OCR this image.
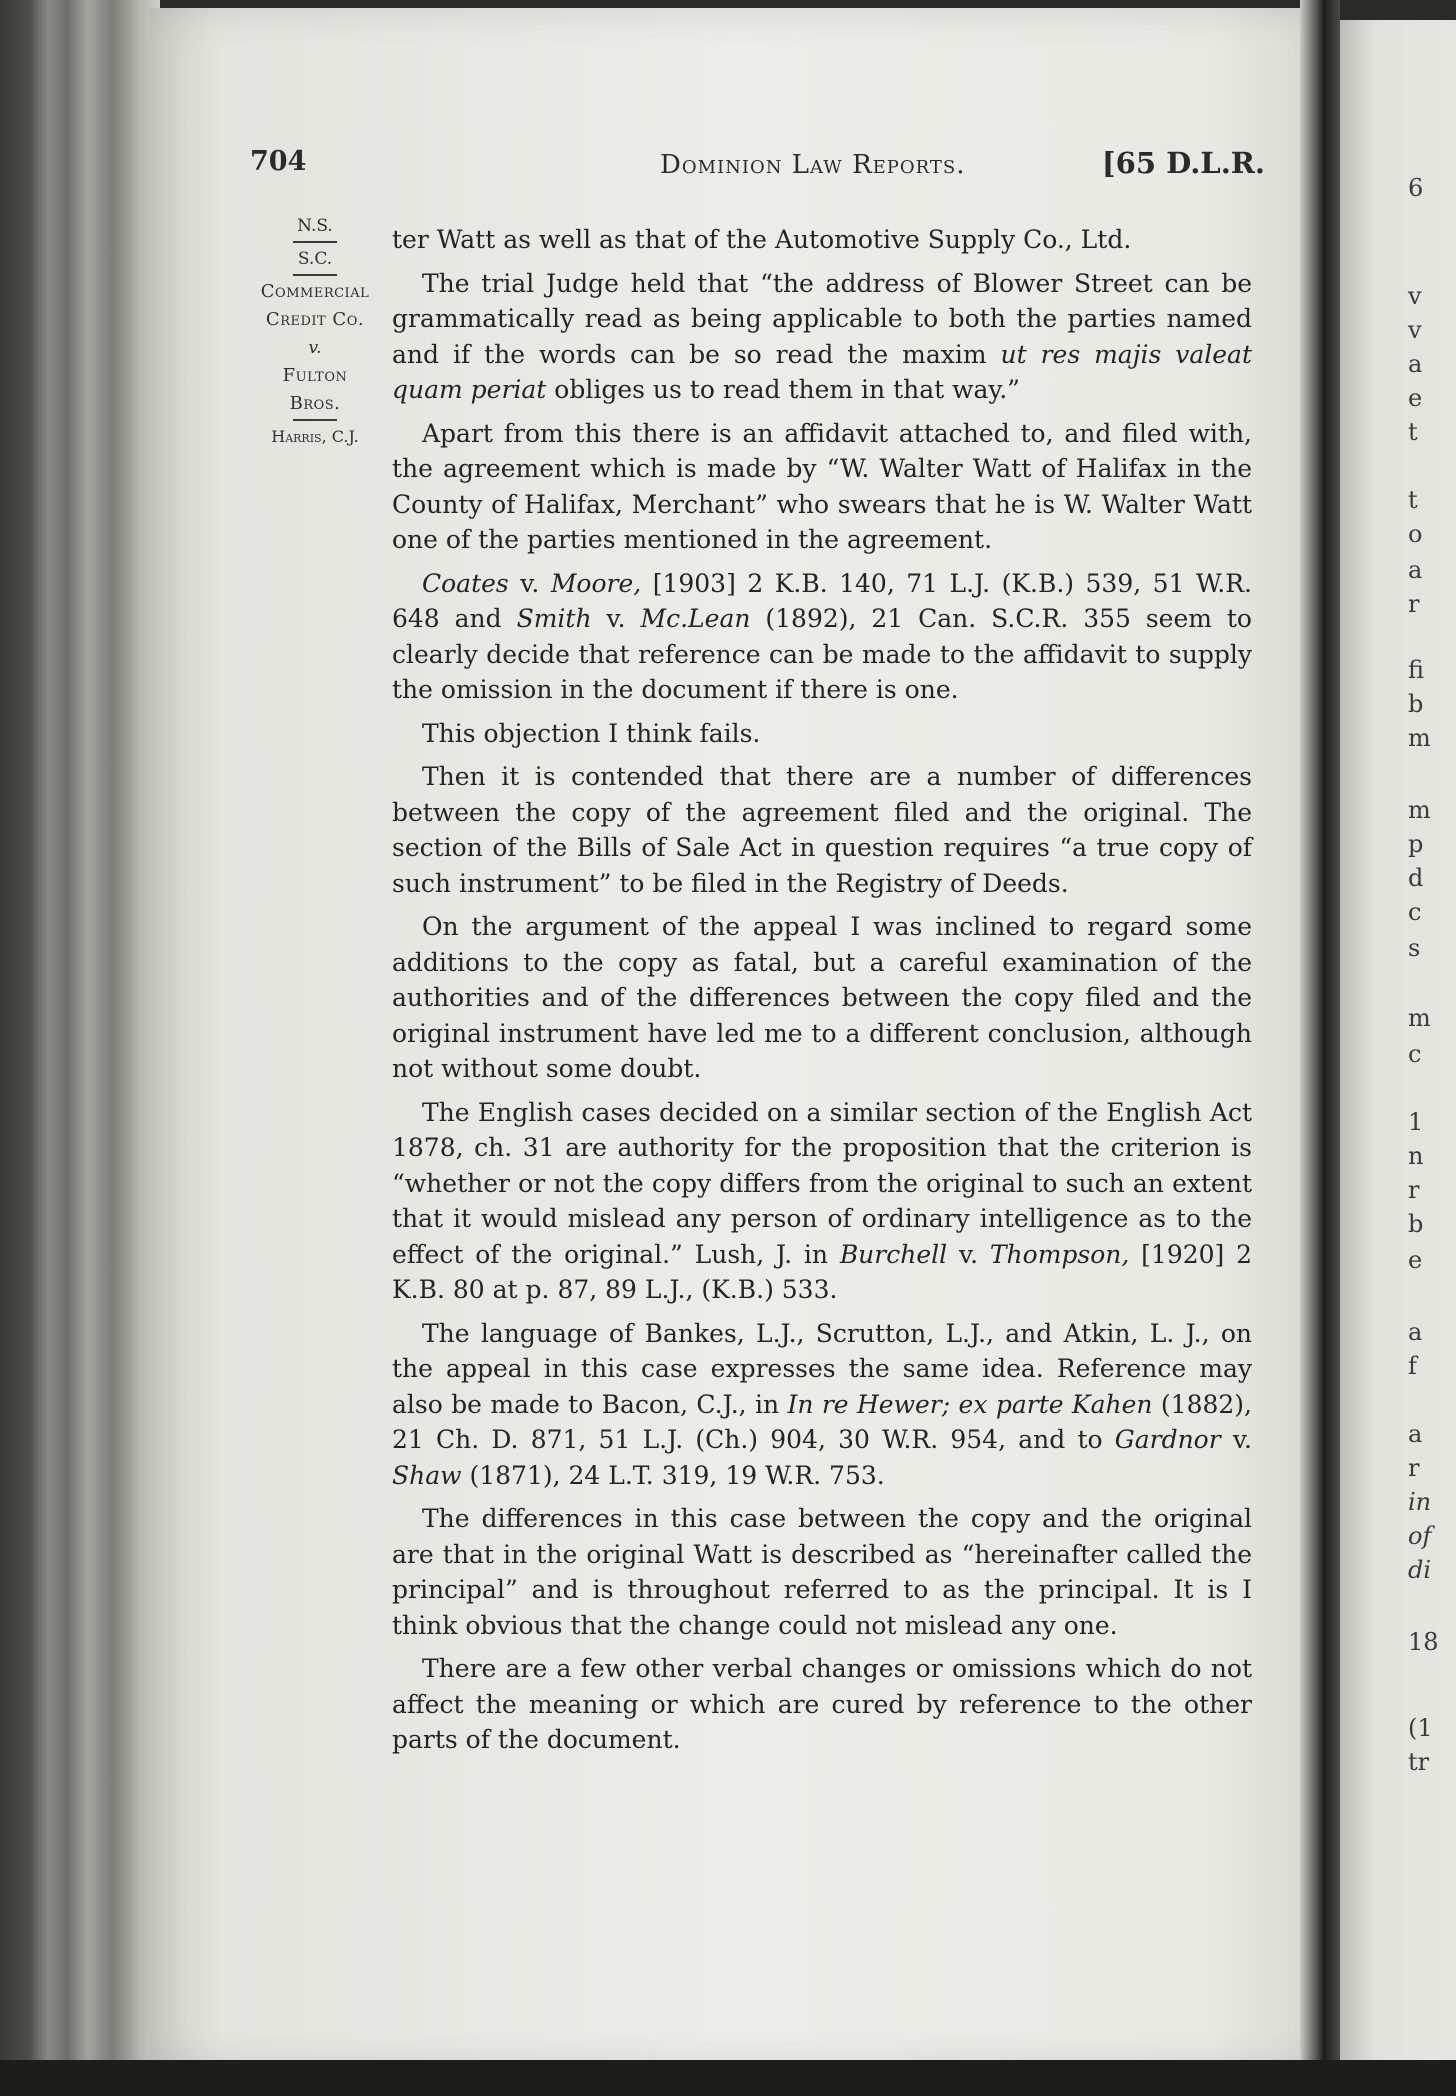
6
v
v
a
e
t
t
o
a
r
fi
b
m
m
p
d
c
s
m
c
1
n
r
b
e
a
f
a
r
in
of
di
18
(1
tr
704	Dominion Law Reports.	[65 D.L.R.
N.S.
S.C.
Commercial
Credit Co.
v.
Fulton
Bros.
Harris, C.J.

ter Watt as well as that of the Automotive Supply Co., Ltd.

The trial Judge held that “the address of Blower Street can be grammatically read as being applicable to both the parties named and if the words can be so read the maxim ut res majis valeat quam periat obliges us to read them in that way.”

Apart from this there is an affidavit attached to, and filed with, the agreement which is made by “W. Walter Watt of Halifax in the County of Halifax, Merchant” who swears that he is W. Walter Watt one of the parties mentioned in the agreement.

Coates v. Moore, [1903] 2 K.B. 140, 71 L.J. (K.B.) 539, 51 W.R. 648 and Smith v. Mc.Lean (1892), 21 Can. S.C.R. 355 seem to clearly decide that reference can be made to the affidavit to supply the omission in the document if there is one.

This objection I think fails.

Then it is contended that there are a number of differences between the copy of the agreement filed and the original. The section of the Bills of Sale Act in question requires “a true copy of such instrument” to be filed in the Registry of Deeds.

On the argument of the appeal I was inclined to regard some additions to the copy as fatal, but a careful examination of the authorities and of the differences between the copy filed and the original instrument have led me to a different conclusion, although not without some doubt.

The English cases decided on a similar section of the English Act 1878, ch. 31 are authority for the proposition that the criterion is “whether or not the copy differs from the original to such an extent that it would mislead any person of ordinary intelligence as to the effect of the original.” Lush, J. in Burchell v. Thompson, [1920] 2 K.B. 80 at p. 87, 89 L.J., (K.B.) 533.

The language of Bankes, L.J., Scrutton, L.J., and Atkin, L. J., on the appeal in this case expresses the same idea. Reference may also be made to Bacon, C.J., in In re Hewer; ex parte Kahen (1882), 21 Ch. D. 871, 51 L.J. (Ch.) 904, 30 W.R. 954, and to Gardnor v. Shaw (1871), 24 L.T. 319, 19 W.R. 753.

The differences in this case between the copy and the original are that in the original Watt is described as “hereinafter called the principal” and is throughout referred to as the principal. It is I think obvious that the change could not mislead any one.

There are a few other verbal changes or omissions which do not affect the meaning or which are cured by reference to the other parts of the document.
